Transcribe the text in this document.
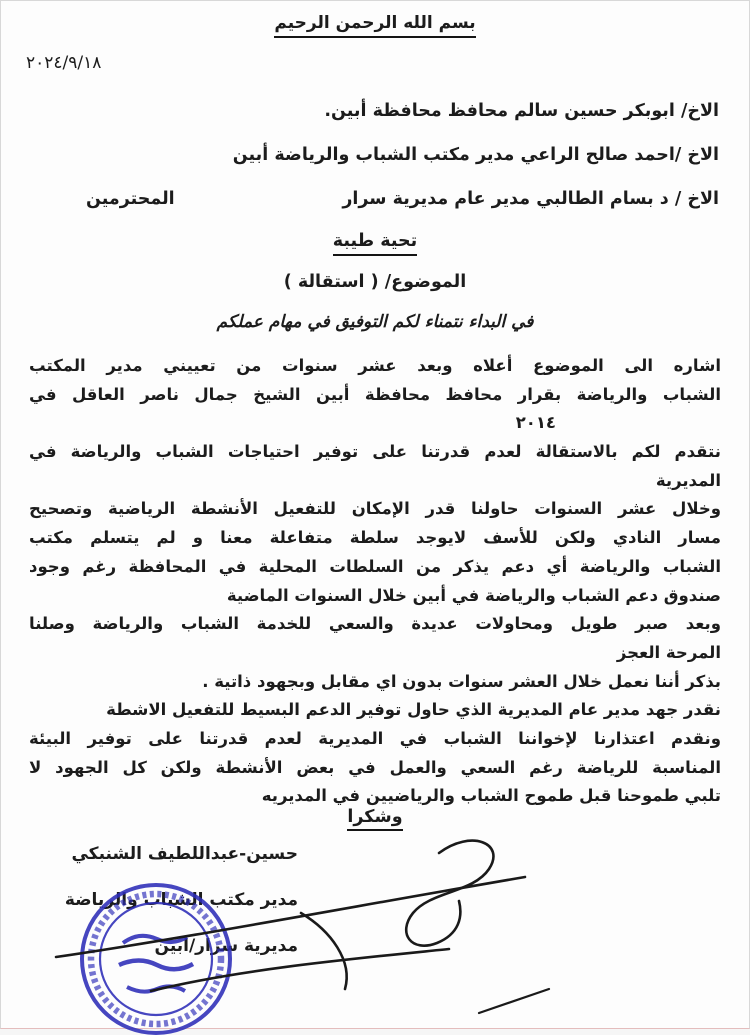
بسم الله الرحمن الرحيم
٢٠٢٤/٩/١٨
الاخ/ ابوبكر حسين سالم محافظ محافظة أبين.
الاخ /احمد صالح الراعي مدير مكتب الشباب والرياضة أبين
الاخ / د بسام الطالبي مدير عام مديرية سرار
المحترمين
تحية طيبة
الموضوع/ ( استقالة )
في البداء نتمناء لكم التوفيق في مهام عملكم
اشاره الى الموضوع أعلاه وبعد عشر سنوات من تعييني مدير المكتب
الشباب والرياضة بقرار محافظ محافظة أبين الشيخ جمال ناصر العاقل في
٢٠١٤
نتقدم لكم بالاستقالة لعدم قدرتنا على توفير احتياجات الشباب والرياضة في
المديرية
وخلال عشر السنوات حاولنا قدر الإمكان للتفعيل الأنشطة الرياضية وتصحيح
مسار النادي ولكن للأسف لايوجد سلطة متفاعلة معنا و لم يتسلم مكتب
الشباب والرياضة أي دعم يذكر من السلطات المحلية في المحافظة رغم وجود
صندوق دعم الشباب والرياضة في أبين خلال السنوات الماضية
وبعد صبر طويل ومحاولات عديدة والسعي للخدمة الشباب والرياضة وصلنا
المرحة العجز
بذكر أننا نعمل خلال العشر سنوات بدون اي مقابل وبجهود ذاتية .
نقدر جهد مدير عام المديرية الذي حاول توفير الدعم البسيط للتفعيل الاشطة
ونقدم اعتذارنا لإخواننا الشباب في المديرية لعدم قدرتنا على توفير البيئة
المناسبة للرياضة رغم السعي والعمل في بعض الأنشطة ولكن كل الجهود لا
تلبي طموحنا قبل طموح الشباب والرياضيين في المديريه
وشكرا
حسين-عبداللطيف الشنبكي
مدير مكتب الشباب والرياضة
مديرية سرار/ابين
